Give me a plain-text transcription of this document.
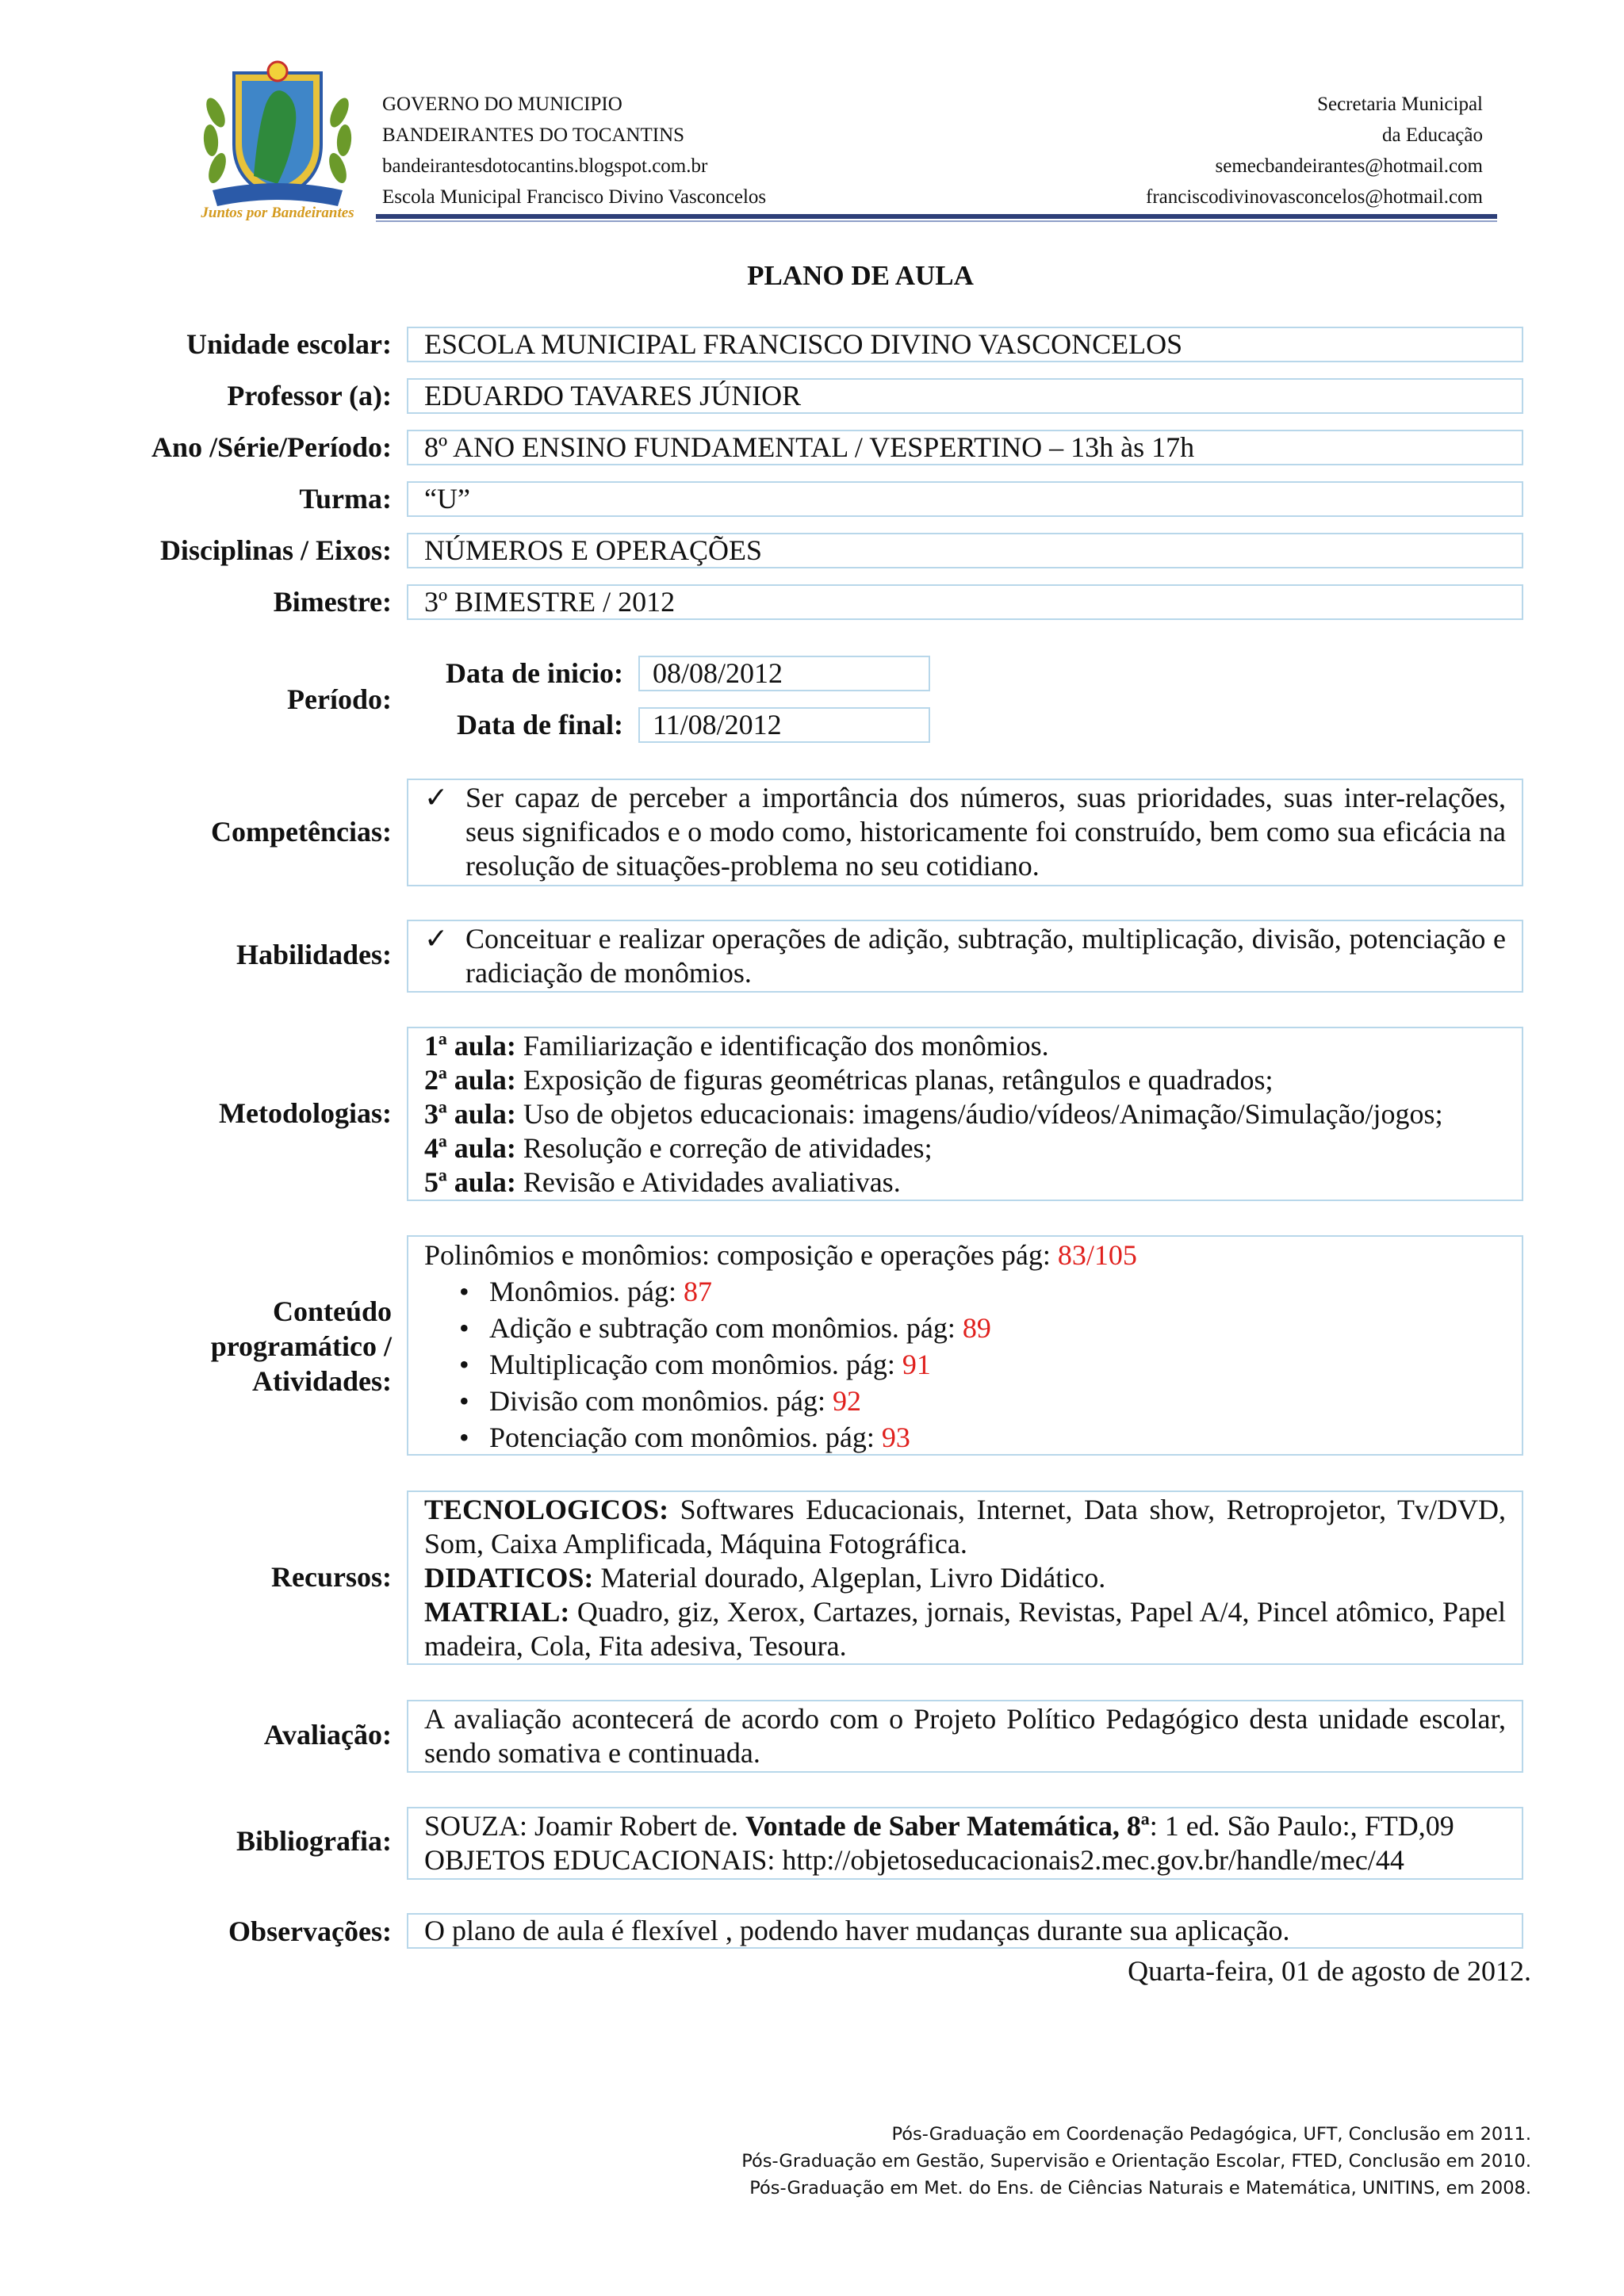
Juntos por Bandeirantes
GOVERNO DO MUNICIPIO
BANDEIRANTES DO TOCANTINS
bandeirantesdotocantins.blogspot.com.br
Escola Municipal Francisco Divino Vasconcelos
Secretaria Municipal
da Educação
semecbandeirantes@hotmail.com
franciscodivinovasconcelos@hotmail.com
PLANO DE AULA
Unidade escolar:	ESCOLA MUNICIPAL FRANCISCO DIVINO VASCONCELOS
Professor (a):	EDUARDO TAVARES JÚNIOR
Ano /Série/Período:	8º ANO ENSINO FUNDAMENTAL / VESPERTINO – 13h às 17h
Turma:	“U”
Disciplinas / Eixos:	NÚMEROS E OPERAÇÕES
Bimestre:	3º BIMESTRE / 2012
Período:
Data de inicio:	08/08/2012
Data de final:	11/08/2012
Competências:
✓ Ser capaz de perceber a importância dos números, suas prioridades, suas inter-relações, seus significados e o modo como, historicamente foi construído, bem como sua eficácia na resolução de situações-problema no seu cotidiano.
Habilidades: ✓ Conceituar e realizar operações de adição, subtração, multiplicação, divisão, potenciação e radiciação de monômios.
Metodologias:
1ª aula: Familiarização e identificação dos monômios.
2ª aula: Exposição de figuras geométricas planas, retângulos e quadrados;
3ª aula: Uso de objetos educacionais: imagens/áudio/vídeos/Animação/Simulação/jogos;
4ª aula: Resolução e correção de atividades;
5ª aula: Revisão e Atividades avaliativas.
Conteúdo
programático /
Atividades:
Polinômios e monômios: composição e operações pág: 83/105
• Monômios. pág: 87
• Adição e subtração com monômios. pág: 89
• Multiplicação com monômios. pág: 91
• Divisão com monômios. pág: 92
• Potenciação com monômios. pág: 93
Recursos:
TECNOLOGICOS: Softwares Educacionais, Internet, Data show, Retroprojetor, Tv/DVD, Som, Caixa Amplificada, Máquina Fotográfica.
DIDATICOS: Material dourado, Algeplan, Livro Didático.
MATRIAL: Quadro, giz, Xerox, Cartazes, jornais, Revistas, Papel A/4, Pincel atômico, Papel madeira, Cola, Fita adesiva, Tesoura.
Avaliação:	A avaliação acontecerá de acordo com o Projeto Político Pedagógico desta unidade escolar, sendo somativa e continuada.
Bibliografia: SOUZA: Joamir Robert de. Vontade de Saber Matemática, 8ª: 1 ed. São Paulo:, FTD,09
OBJETOS EDUCACIONAIS: http://objetoseducacionais2.mec.gov.br/handle/mec/44
Observações:	O plano de aula é flexível , podendo haver mudanças durante sua aplicação.
Quarta-feira, 01 de agosto de 2012.
Pós-Graduação em Coordenação Pedagógica, UFT, Conclusão em 2011.
Pós-Graduação em Gestão, Supervisão e Orientação Escolar, FTED, Conclusão em 2010.
Pós-Graduação em Met. do Ens. de Ciências Naturais e Matemática, UNITINS, em 2008.
